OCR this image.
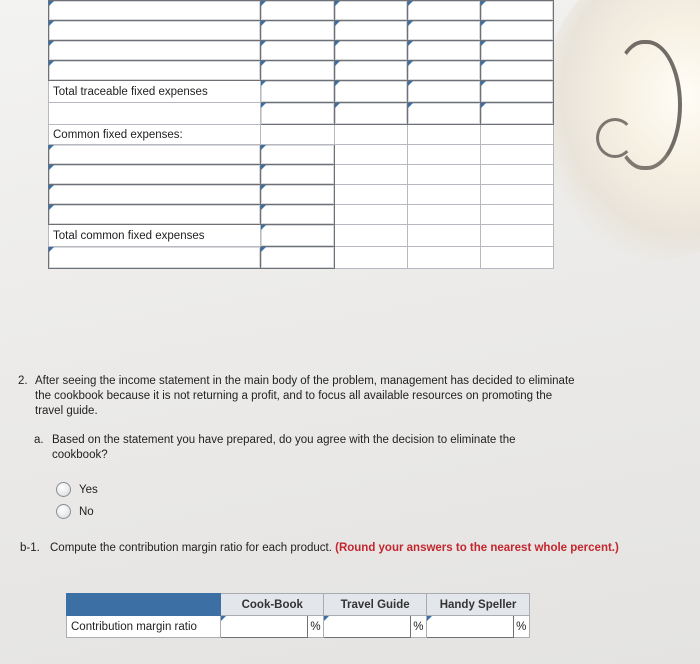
Total traceable fixed expenses				

Common fixed expenses:				

Total common fixed expenses				

2. After seeing the income statement in the main body of the problem, management has decided to eliminate the cookbook because it is not returning a profit, and to focus all available resources on promoting the travel guide.
a. Based on the statement you have prepared, do you agree with the decision to eliminate the cookbook?
Yes
No
b-1. Compute the contribution margin ratio for each product. (Round your answers to the nearest whole percent.)
	Cook-Book		Travel Guide		Handy Speller	
Contribution margin ratio		%		%		%
